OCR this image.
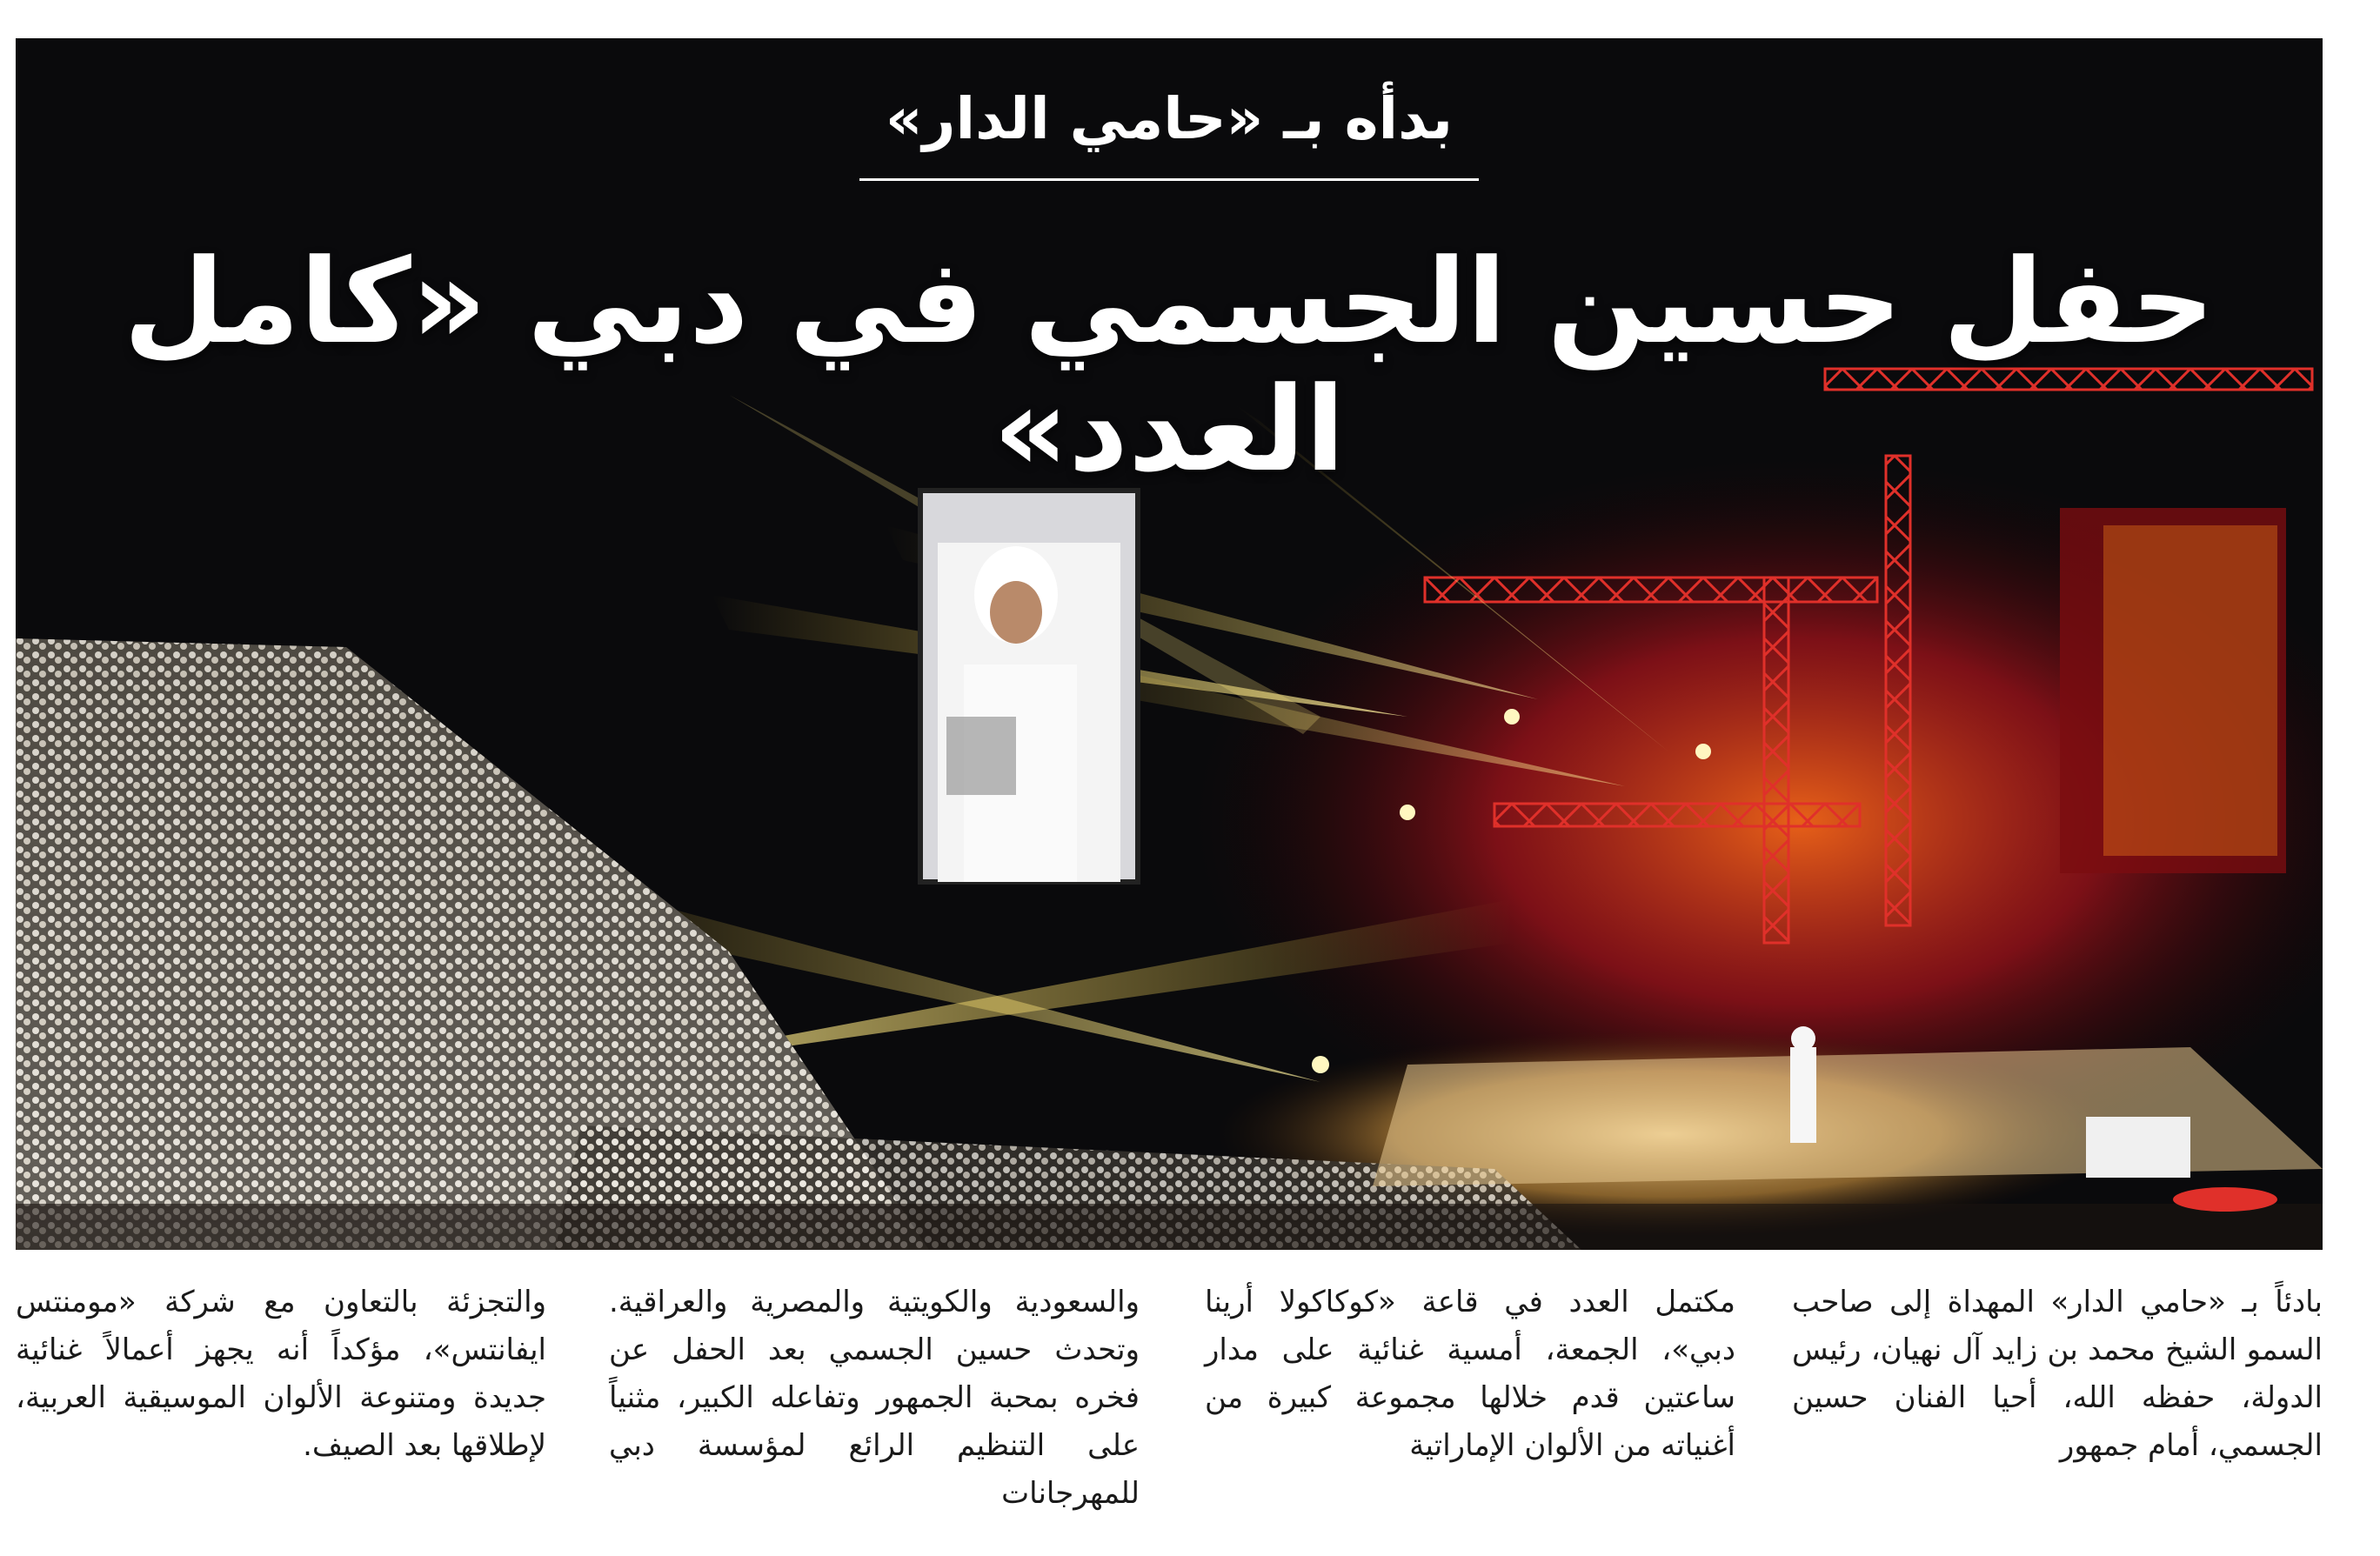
بدأه بـ «حامي الدار»
حفل حسين الجسمي في دبي «كامل العدد»
بادئاً بـ «حامي الدار» المهداة إلى صاحب السمو الشيخ محمد بن زايد آل نهيان، رئيس الدولة، حفظه الله، أحيا الفنان حسين الجسمي، أمام جمهور
مكتمل العدد في قاعة «كوكاكولا أرينا دبي»، الجمعة، أمسية غنائية على مدار ساعتين قدم خلالها مجموعة كبيرة من أغنياته من الألوان الإماراتية
والسعودية والكويتية والمصرية والعراقية. وتحدث حسين الجسمي بعد الحفل عن فخره بمحبة الجمهور وتفاعله الكبير، مثنياً على التنظيم الرائع لمؤسسة دبي للمهرجانات
والتجزئة بالتعاون مع شركة «مومنتس ايفانتس»، مؤكداً أنه يجهز أعمالاً غنائية جديدة ومتنوعة الألوان الموسيقية العربية، لإطلاقها بعد الصيف.
